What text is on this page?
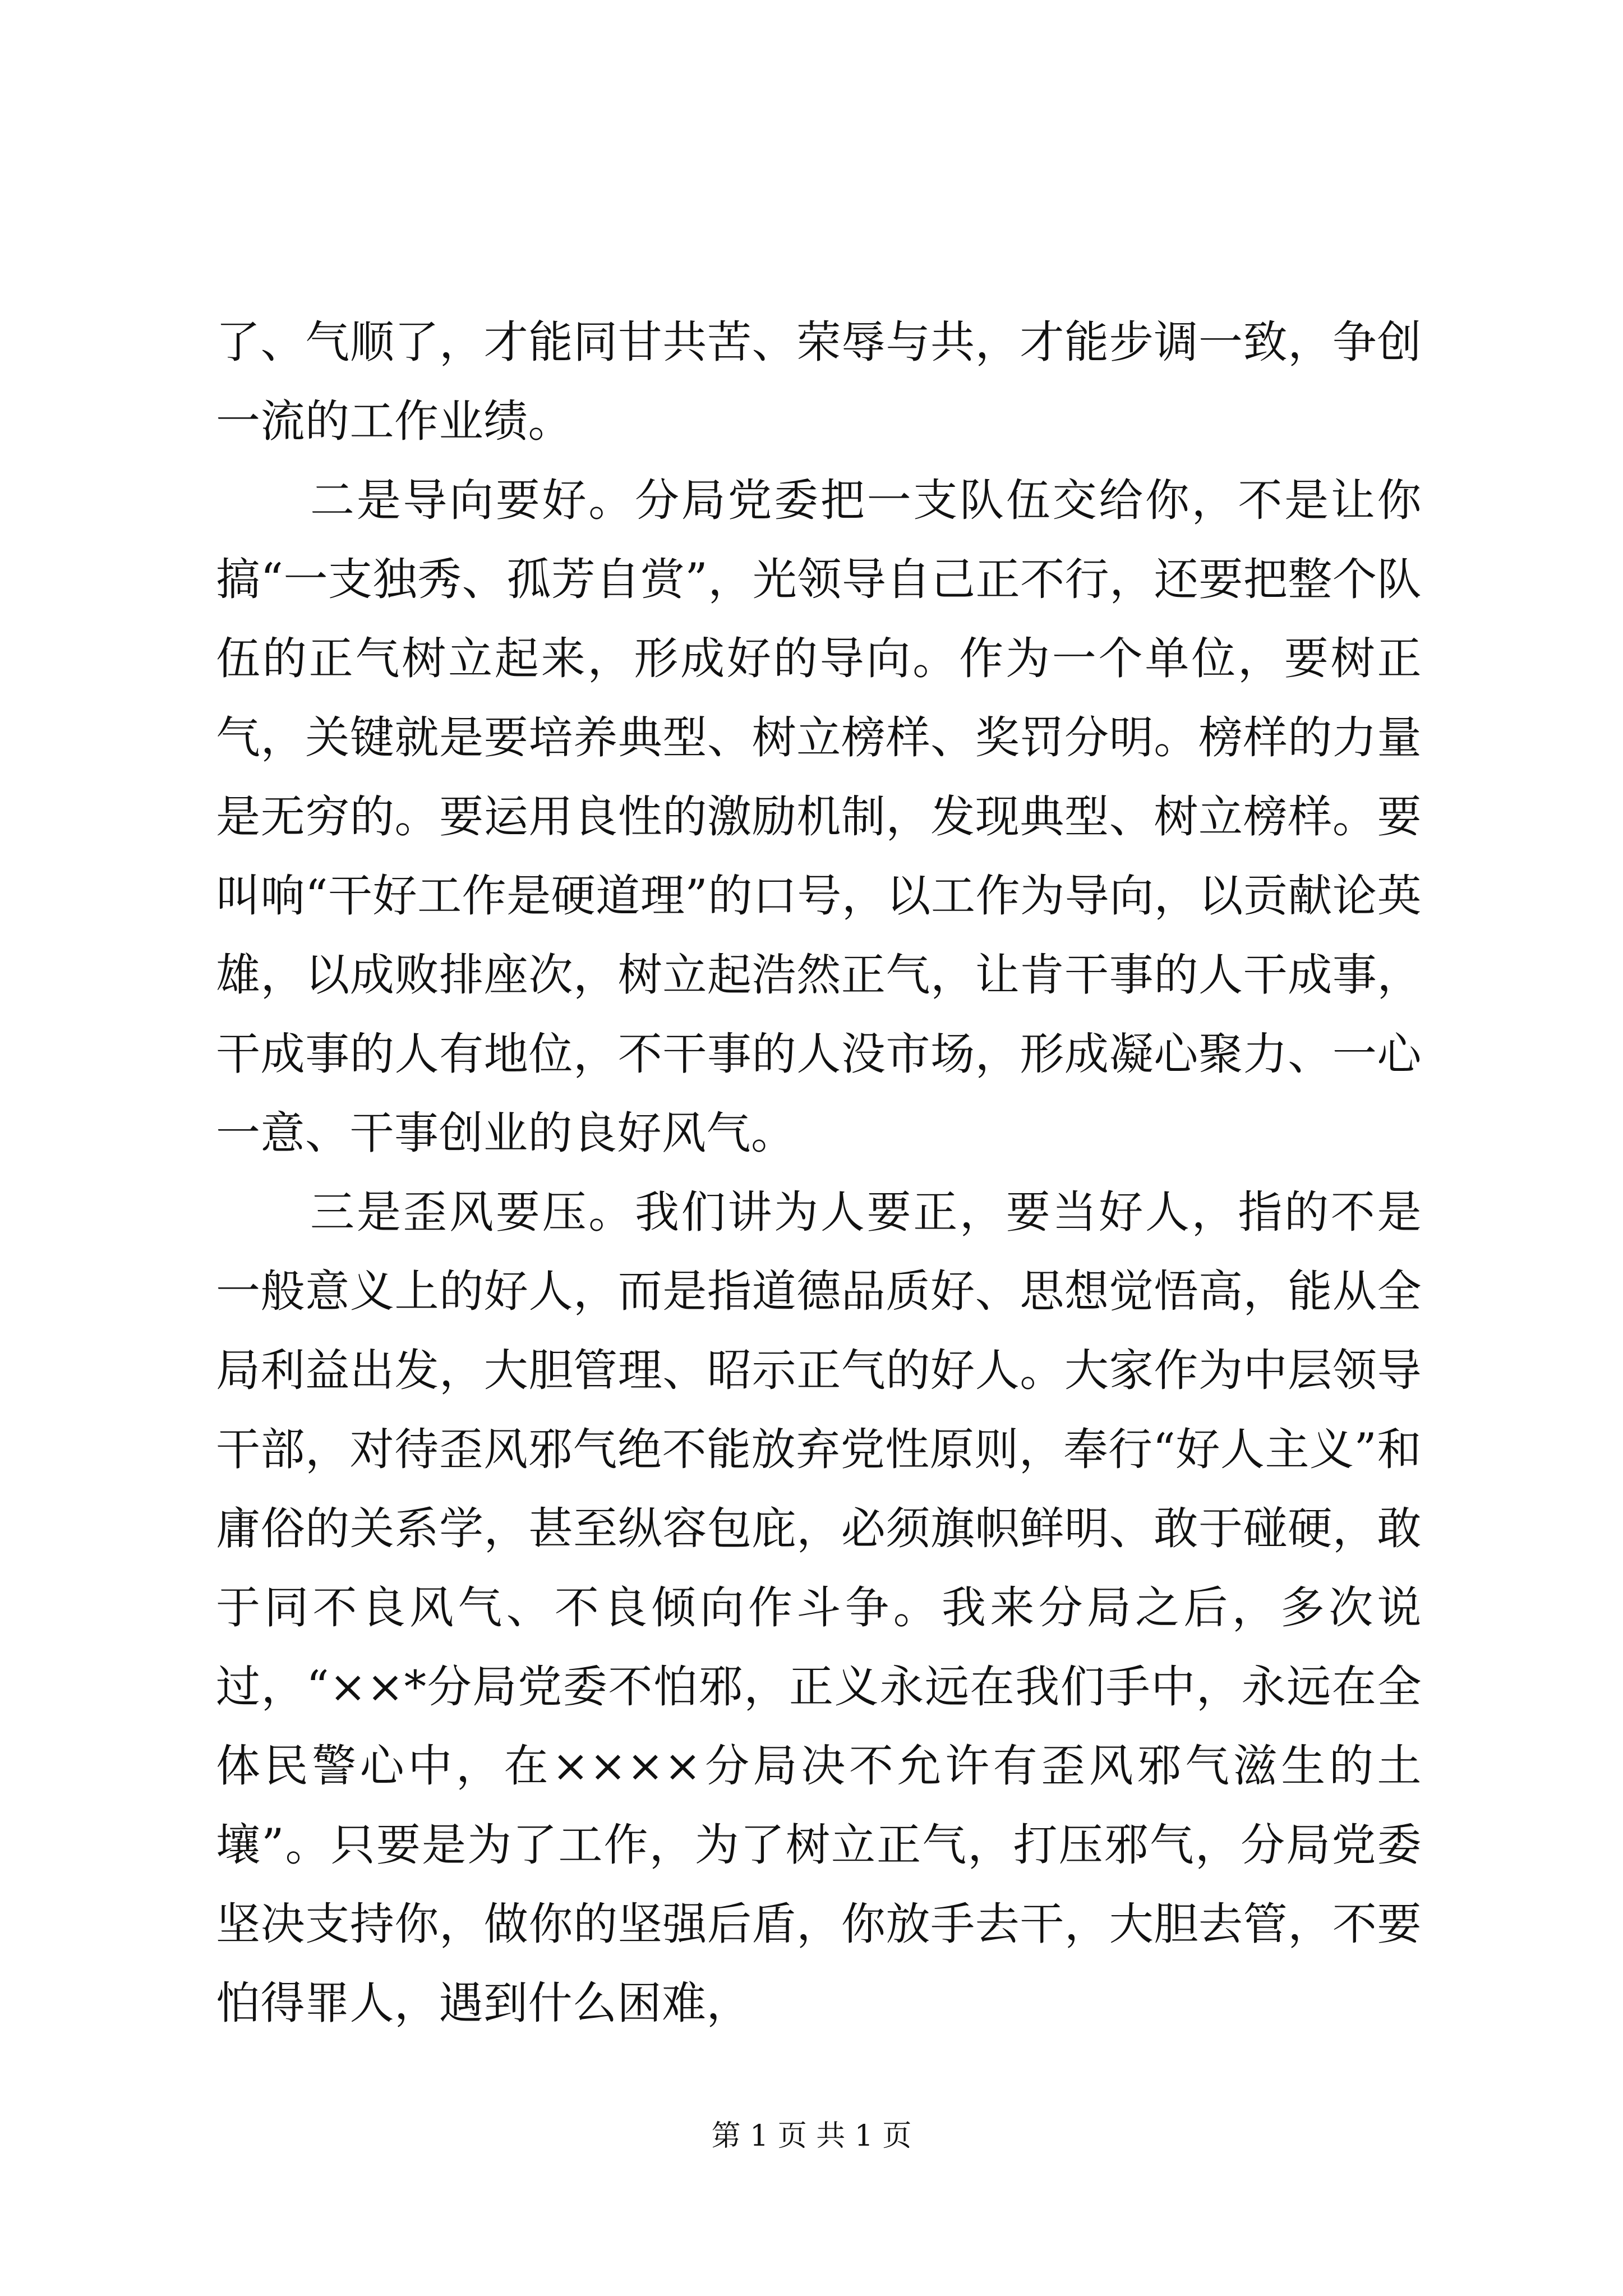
了、气顺了，才能同甘共苦、荣辱与共，才能步调一致，争创一流的工作业绩。

二是导向要好。分局党委把一支队伍交给你，不是让你搞“一支独秀、孤芳自赏”，光领导自己正不行，还要把整个队伍的正气树立起来，形成好的导向。作为一个单位，要树正气，关键就是要培养典型、树立榜样、奖罚分明。榜样的力量是无穷的。要运用良性的激励机制，发现典型、树立榜样。要叫响“干好工作是硬道理”的口号，以工作为导向，以贡献论英雄，以成败排座次，树立起浩然正气，让肯干事的人干成事，干成事的人有地位，不干事的人没市场，形成凝心聚力、一心一意、干事创业的良好风气。

三是歪风要压。我们讲为人要正，要当好人，指的不是一般意义上的好人，而是指道德品质好、思想觉悟高，能从全局利益出发，大胆管理、昭示正气的好人。大家作为中层领导干部，对待歪风邪气绝不能放弃党性原则，奉行“好人主义”和庸俗的关系学，甚至纵容包庇，必须旗帜鲜明、敢于碰硬，敢于同不良风气、不良倾向作斗争。我来分局之后，多次说过，“××*分局党委不怕邪，正义永远在我们手中，永远在全体民警心中，在××××分局决不允许有歪风邪气滋生的土壤”。只要是为了工作，为了树立正气，打压邪气，分局党委坚决支持你，做你的坚强后盾，你放手去干，大胆去管，不要怕得罪人，遇到什么困难，

第 1 页 共 1 页
